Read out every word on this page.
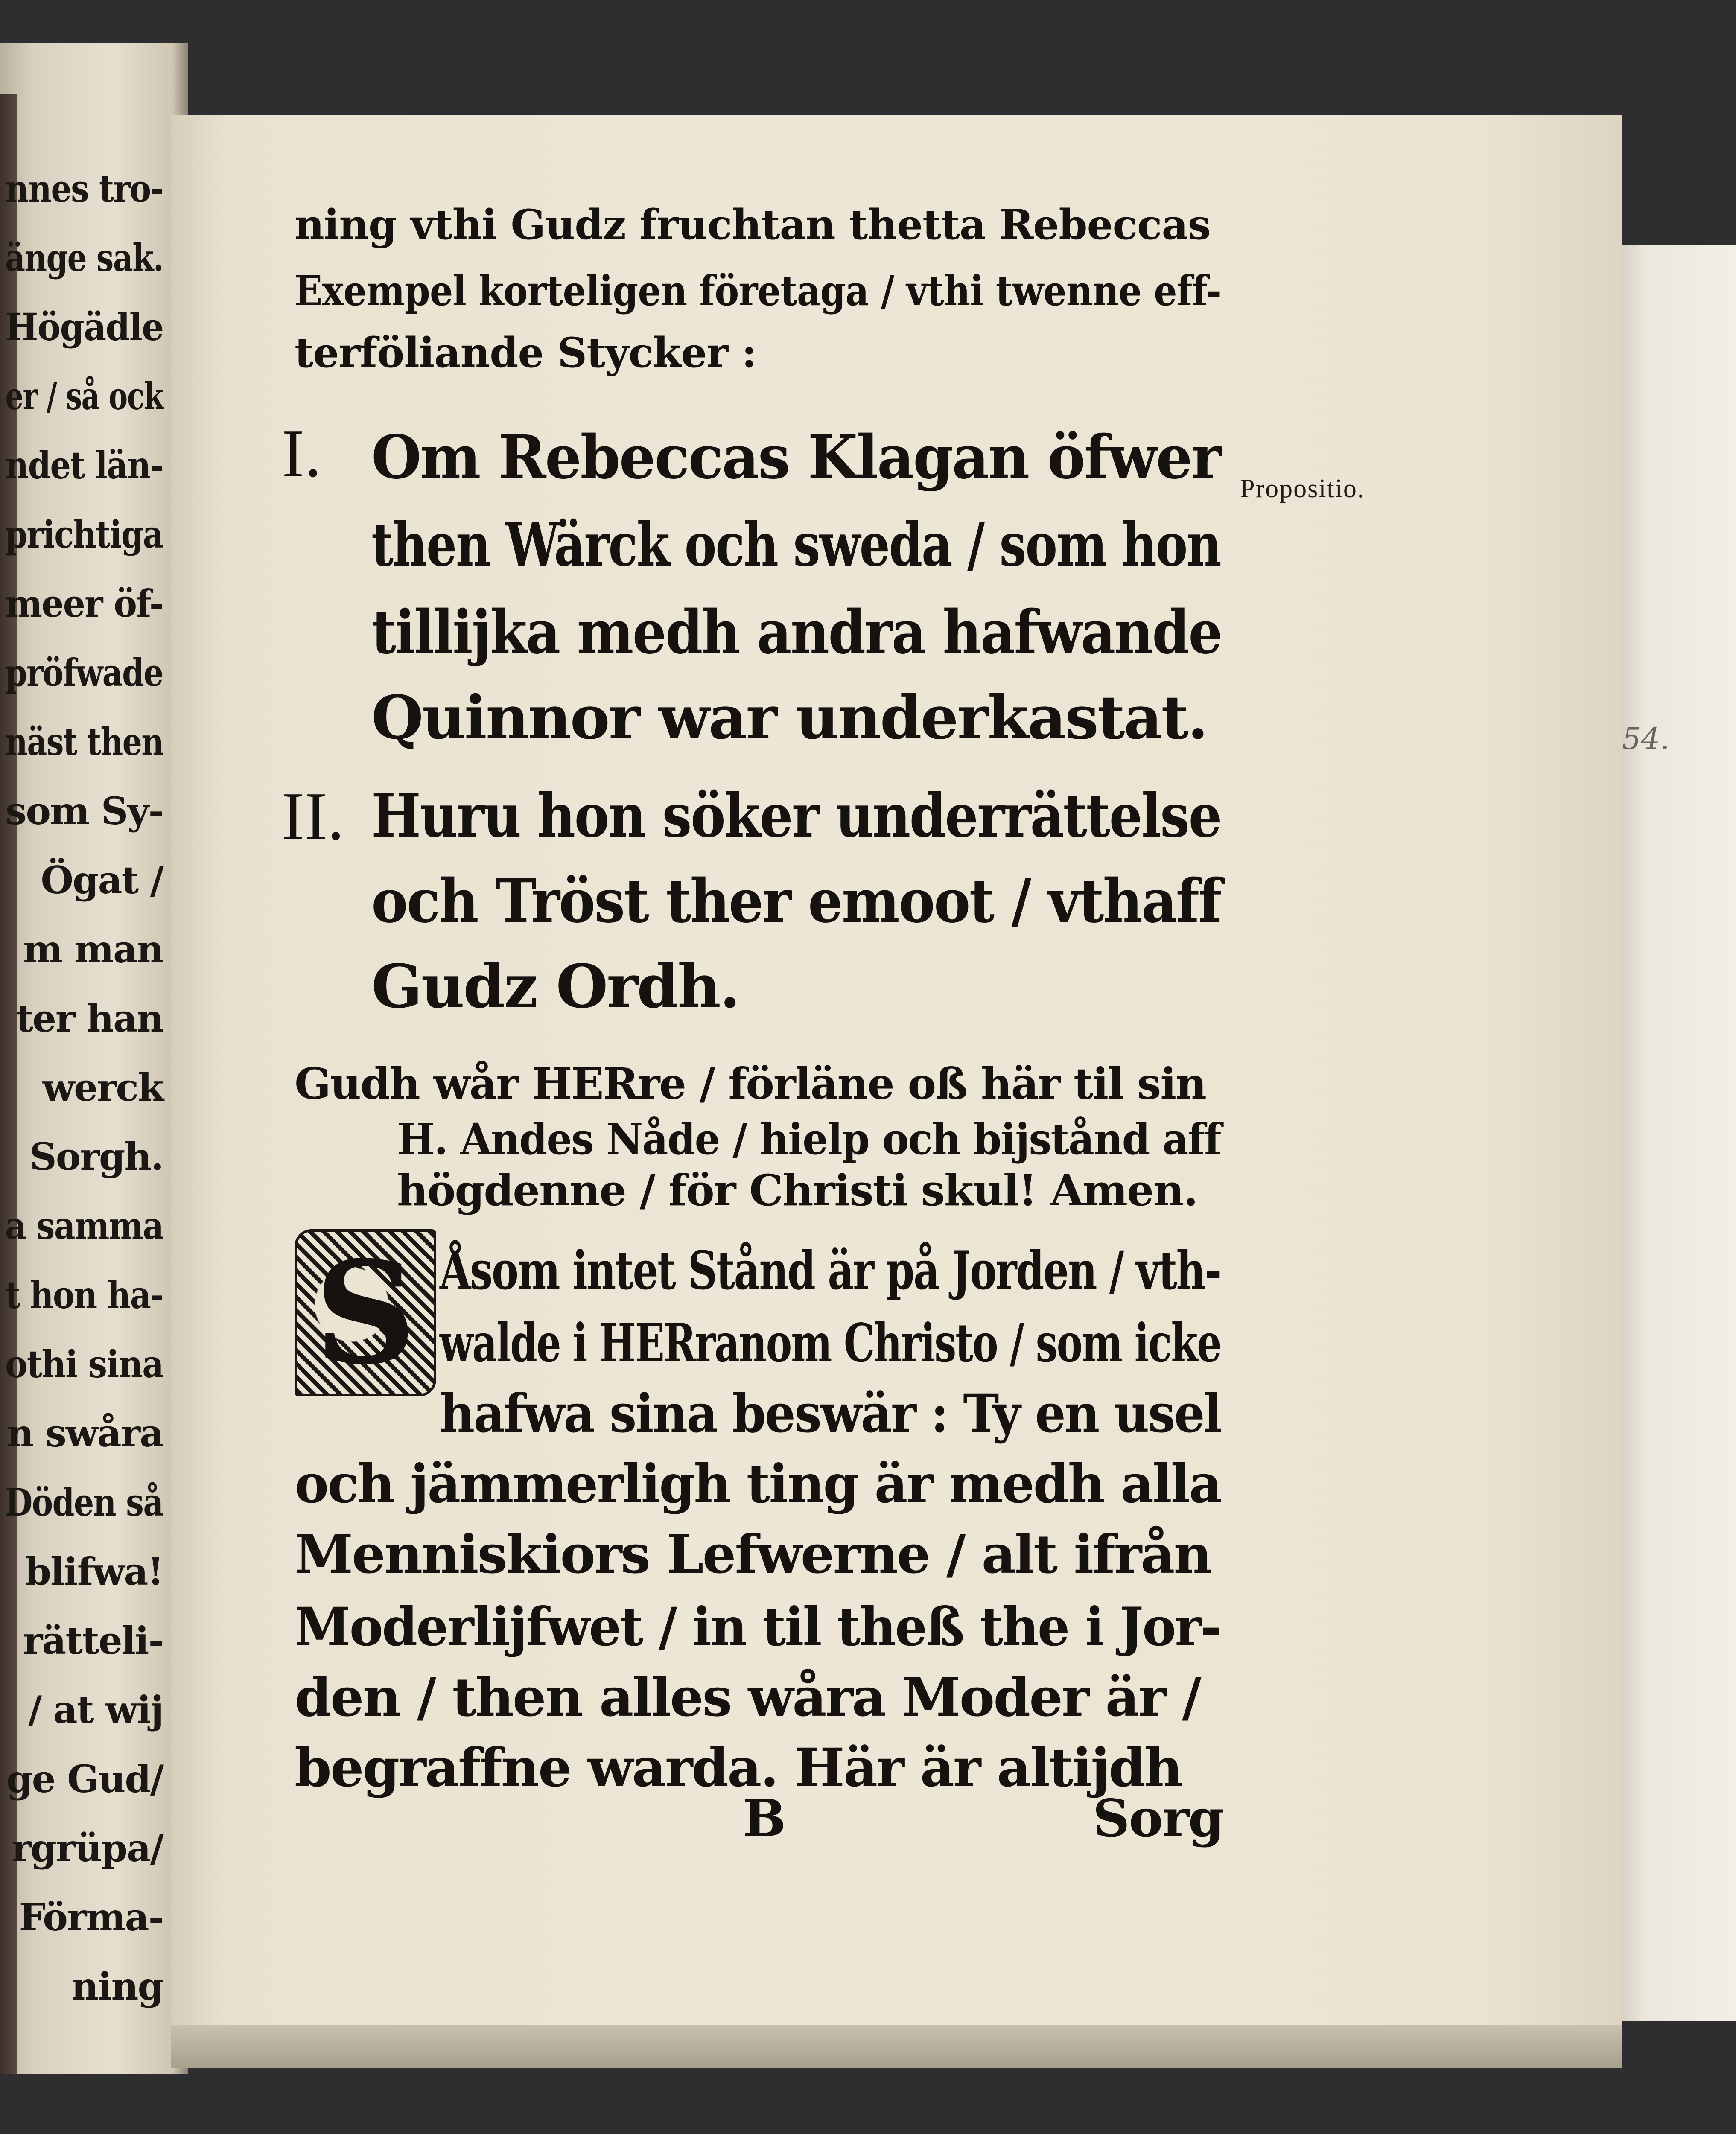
nnes tro-
änge sak.
Högädle
er / så ock
ndet län-
prichtiga
meer öf-
pröfwade
näst then
som Sy-
Ögat /
m man
ter han
werck
Sorgh.
a samma
t hon ha-
othi sina
n swåra
Döden så
blifwa!
rätteli-
/ at wij
ge Gud/
rgrüpa/
Förma-
ning
54.
ning vthi Gudz fruchtan thetta Rebeccas
Exempel korteligen företaga / vthi twenne eff-
terföliande Stycker :
Propositio.
I. Om Rebeccas Klagan öfwer
then Wärck och sweda / som hon
tillijka medh andra hafwande
Quinnor war underkastat.
II. Huru hon söker underrättelse
och Tröst ther emoot / vthaff
Gudz Ordh.
Gudh wår HERre / förläne oß här til sin
H. Andes Nåde / hielp och bijstånd aff
högdenne / för Christi skul! Amen.
S Åsom intet Stånd är på Jorden / vth-
walde i HERranom Christo / som icke
hafwa sina beswär : Ty en usel
och jämmerligh ting är medh alla
Menniskiors Lefwerne / alt ifrån
Moderlijfwet / in til theß the i Jor-
den / then alles wåra Moder är /
begraffne warda. Här är altijdh
B	Sorg
